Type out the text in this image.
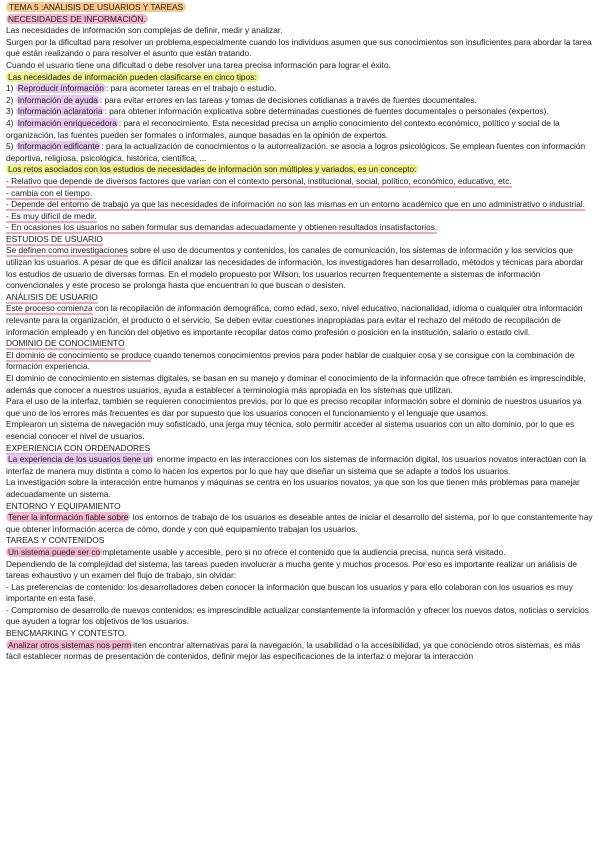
TEMA 5 :ANÁLISIS DE USUARIOS Y TAREAS

NECESIDADES DE INFORMACIÓN.

Las necesidades de información son complejas de definir, medir y analizar.

Surgen por la dificultad para resolver un problema,especialmente cuando los individuos asumen que sus conocimientos son insuficientes para abordar la tarea que están realizando o para resolver el asunto que están tratando.

Cuando el usuario tiene una dificultad o debe resolver una tarea precisa información para lograr el éxito.

Las necesidades de información pueden clasificarse en cinco tipos:

1) Reproducir información : para acometer tareas en el trabajo o estudio.

2) Información de ayuda : para evitar errores en las tareas y tomas de decisiones cotidianas a través de fuentes documentales.

3) Información aclaratoria : para obtener información explicativa sobre determinadas cuestiones de fuentes documentales o personales (expertos).

4) Información enriquecedora : para el reconocimiento. Esta necesidad precisa un amplio conocimiento del contexto económico, político y social de la organización, las fuentes pueden ser formales o informales, aunque basadas en la opinión de expertos.

5) Información edificante : para la actualización de conocimientos o la autorrealización. se asocia a logros psicológicos. Se emplean fuentes con información deportiva, religiosa, psicológica, histórica, científica, ...

Los retos asociados con los estudios de necesidades de información son múltiples y variados, es un concepto:

- Relativo que depende de diversos factores que varían con el contexto personal, institucional, social, político, económico, educativo, etc.

- cambia con el tiempo.

- Depende del entorno de trabajo ya que las necesidades de información no son las mismas en un entorno académico que en uno administrativo o industrial.

- Es muy difícil de medir.

- En ocasiones los usuarios no saben formular sus demandas adecuadamente y obtienen resultados insatisfactorios.

ESTUDIOS DE USUARIO

Se definen como investigaciones sobre el uso de documentos y contenidos, los canales de comunicación, los sistemas de información y los servicios que utilizan los usuarios. A pesar de que es difícil analizar las necesidades de información, los investigadores han desarrollado, métodos y técnicas para abordar los estudios de usuario de diversas formas. En el modelo propuesto por Wilson, los usuarios recurren frequentemente a sistemas de información convencionales y este proceso se prolonga hasta que encuentran lo que buscan o desisten.

ANÁLISIS DE USUARIO

Este proceso comienza con la recopilación de información demográfica, como edad, sexo, nivel educativo, nacionalidad, idioma o cualquier otra información relevante para la organización, el producto o el servicio. Se deben evitar cuestiones inapropiadas para evitar el rechazo del método de recopilación de información empleado y en función del objetivo es importante recopilar datos como profesión o posición en la institución, salario o estado civil.

DOMINIO DE CONOCIMIENTO

El dominio de conocimiento se produce cuando tenemos conocimientos previos para poder hablar de cualquier cosa y se consigue con la combinación de formación experiencia.

El dominio de conocimiento en sistemas digitales, se basan en su manejo y dominar el conocimiento de la información que ofrece también es imprescindible, además que conocer a nuestros usuarios, ayuda a establecer a terminología más apropiada en los sistemas que utilizan.

Para el uso de la interfaz, también se requieren conocimientos previos, por lo que es preciso recopilar información sobre el dominio de nuestros usuarios ya que uno de los errores más frecuentes es dar por supuesto que los usuarios conocen el funcionamiento y el lenguaje que usamos.

Emplearon un sistema de navegación muy sofisticado, una jerga muy técnica, solo permitir acceder al sistema usuarios con un alto dominio, por lo que es esencial conocer el nivel de usuarios.

EXPERIENCIA CON ORDENADORES

La experiencia de los usuarios tiene un enorme impacto en las interacciones con los sistemas de información digital, los usuarios novatos interactúan con la interfaz de manera muy distinta a como lo hacen los expertos por lo que hay que diseñar un sistema que se adapte a todos los usuarios.

La investigación sobre la interacción entre humanos y máquinas se centra en los usuarios novatos, ya que son los que tienen más problemas para manejar adecuadamente un sistema.

ENTORNO Y EQUIPAMIENTO

Tener la información fiable sobre los entornos de trabajo de los usuarios es deseable antes de iniciar el desarrollo del sistema, por lo que constantemente hay que obtener información acerca de cómo, donde y con qué equipamiento trabajan los usuarios.

TAREAS Y CONTENIDOS

Un sistema puede ser co mpletamente usable y accesible, pero si no ofrece el contenido que la audiencia precisa, nunca será visitado.

Dependiendo de la complejidad del sistema, las tareas pueden involucrar a mucha gente y muchos procesos. Por eso es importante realizar un análisis de tareas exhaustivo y un examen del flujo de trabajo, sin olvidar:

- Las preferencias de contenido: los desarrolladores deben conocer la información que buscan los usuarios y para ello colaboran con los usuarios es muy importante en esta fase.

- Compromiso de desarrollo de nuevos contenidos: es imprescindible actualizar constantemente la información y ofrecer los nuevos datos, noticias o servicios que ayuden a lograr los objetivos de los usuarios.

BENCMARKING Y CONTESTO.

Analizar otros sistemas nos perm iten encontrar alternativas para la navegación, la usabilidad o la accesibilidad, ya que conociendo otros sistemas, es más fácil establecer normas de presentación de contenidos, definir mejor las especificaciones de la interfaz o mejorar la interacción
